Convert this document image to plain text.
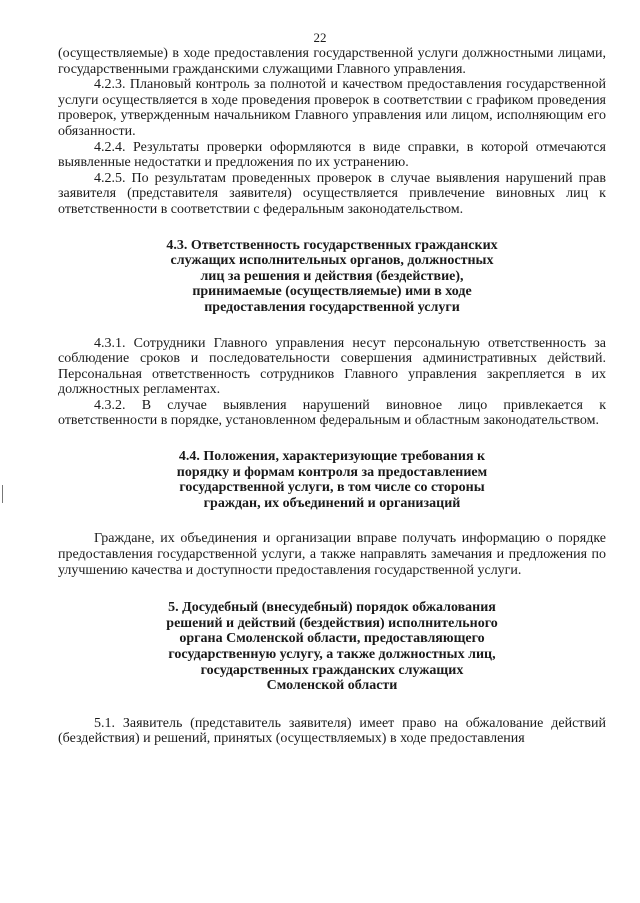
22

(осуществляемые) в ходе предоставления государственной услуги должностными лицами, государственными гражданскими служащими Главного управления.

4.2.3. Плановый контроль за полнотой и качеством предоставления государственной услуги осуществляется в ходе проведения проверок в соответствии с графиком проведения проверок, утвержденным начальником Главного управления или лицом, исполняющим его обязанности.

4.2.4. Результаты проверки оформляются в виде справки, в которой отмечаются выявленные недостатки и предложения по их устранению.

4.2.5. По результатам проведенных проверок в случае выявления нарушений прав заявителя (представителя заявителя) осуществляется привлечение виновных лиц к ответственности в соответствии с федеральным законодательством.

4.3. Ответственность государственных гражданских
служащих исполнительных органов, должностных
лиц за решения и действия (бездействие),
принимаемые (осуществляемые) ими в ходе
предоставления государственной услуги

4.3.1. Сотрудники Главного управления несут персональную ответственность за соблюдение сроков и последовательности совершения административных действий. Персональная ответственность сотрудников Главного управления закрепляется в их должностных регламентах.

4.3.2. В случае выявления нарушений виновное лицо привлекается к ответственности в порядке, установленном федеральным и областным законодательством.

4.4. Положения, характеризующие требования к
порядку и формам контроля за предоставлением
государственной услуги, в том числе со стороны
граждан, их объединений и организаций

Граждане, их объединения и организации вправе получать информацию о порядке предоставления государственной услуги, а также направлять замечания и предложения по улучшению качества и доступности предоставления государственной услуги.

5. Досудебный (внесудебный) порядок обжалования
решений и действий (бездействия) исполнительного
органа Смоленской области, предоставляющего
государственную услугу, а также должностных лиц,
государственных гражданских служащих
Смоленской области

5.1. Заявитель (представитель заявителя) имеет право на обжалование действий (бездействия) и решений, принятых (осуществляемых) в ходе предоставления
